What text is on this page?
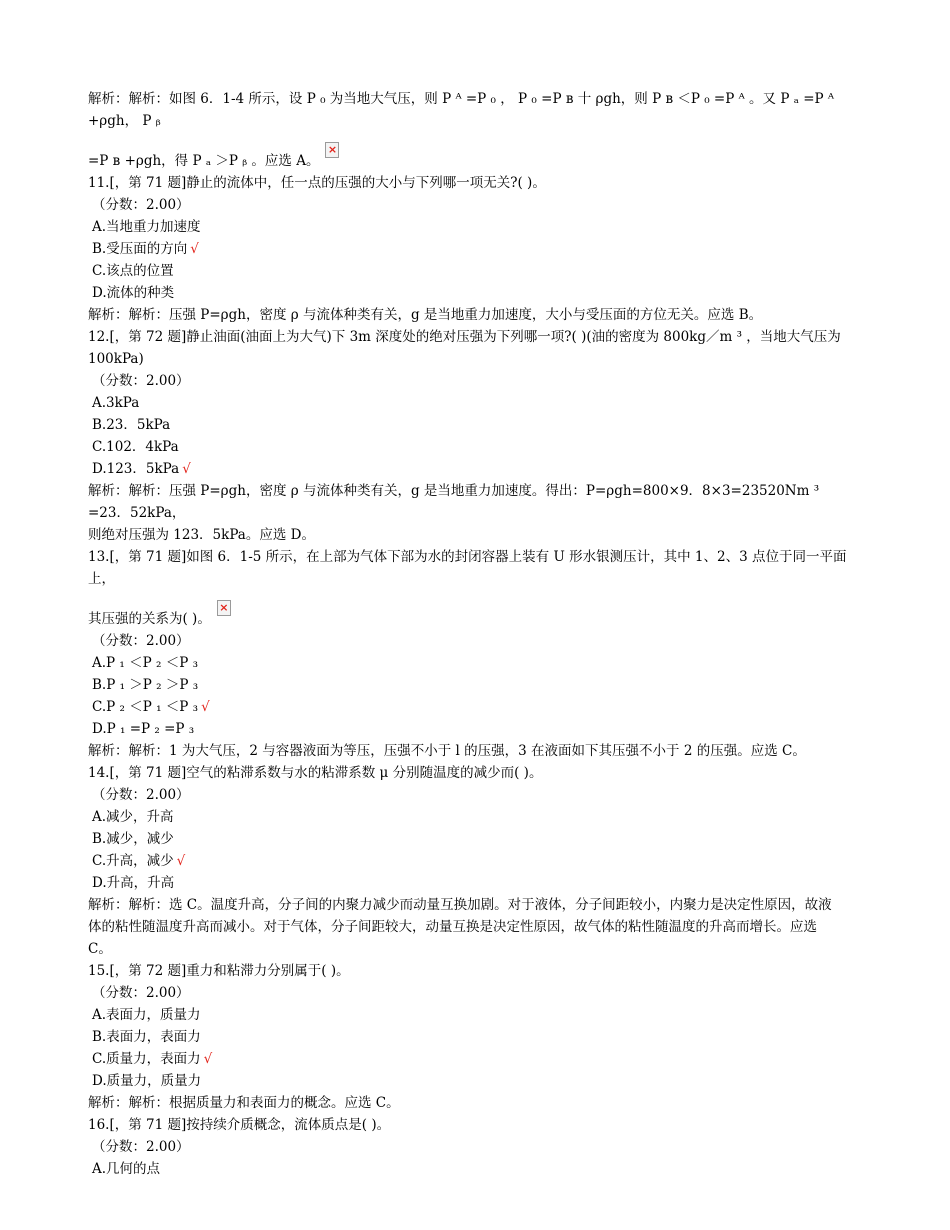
解析：解析：如图 6．1-4 所示，设 P ₀ 为当地大气压，则 P ᴬ =P ₀ ， P ₀ =P ʙ 十 ρgh，则 P ʙ ＜P ₀ =P ᴬ 。又 P ₐ =P ᴬ +ρgh， P ᵦ
=P ʙ +ρgh，得 P ₐ ＞P ᵦ 。应选 A。×
11.[，第 71 题]静止的流体中，任一点的压强的大小与下列哪一项无关?( )。
（分数：2.00）
A.当地重力加速度
B.受压面的方向 √
C.该点的位置
D.流体的种类
解析：解析：压强 P=ρgh，密度 ρ 与流体种类有关，g 是当地重力加速度，大小与受压面的方位无关。应选 B。
12.[，第 72 题]静止油面(油面上为大气)下 3m 深度处的绝对压强为下列哪一项?( )(油的密度为 800kg／m ³ ，当地大气压为
100kPa)
（分数：2.00）
A.3kPa
B.23．5kPa
C.102．4kPa
D.123．5kPa √
解析：解析：压强 P=ρgh，密度 ρ 与流体种类有关，g 是当地重力加速度。得出：P=ρgh=800×9．8×3=23520Nm ³ =23．52kPa，
则绝对压强为 123．5kPa。应选 D。
13.[，第 71 题]如图 6．1-5 所示，在上部为气体下部为水的封闭容器上装有 U 形水银测压计，其中 1、2、3 点位于同一平面上，
其压强的关系为( )。×
（分数：2.00）
A.P ₁ ＜P ₂ ＜P ₃
B.P ₁ ＞P ₂ ＞P ₃
C.P ₂ ＜P ₁ ＜P ₃ √
D.P ₁ =P ₂ =P ₃
解析：解析：1 为大气压，2 与容器液面为等压，压强不小于 l 的压强，3 在液面如下其压强不小于 2 的压强。应选 C。
14.[，第 71 题]空气的粘滞系数与水的粘滞系数 μ 分别随温度的减少而( )。
（分数：2.00）
A.减少，升高
B.减少，减少
C.升高，减少 √
D.升高，升高
解析：解析：选 C。温度升高，分子间的内聚力减少而动量互换加剧。对于液体，分子间距较小，内聚力是决定性原因，故液
体的粘性随温度升高而减小。对于气体，分子间距较大，动量互换是决定性原因，故气体的粘性随温度的升高而增长。应选
C。
15.[，第 72 题]重力和粘滞力分别属于( )。
（分数：2.00）
A.表面力，质量力
B.表面力，表面力
C.质量力，表面力 √
D.质量力，质量力
解析：解析：根据质量力和表面力的概念。应选 C。
16.[，第 71 题]按持续介质概念，流体质点是( )。
（分数：2.00）
A.几何的点
